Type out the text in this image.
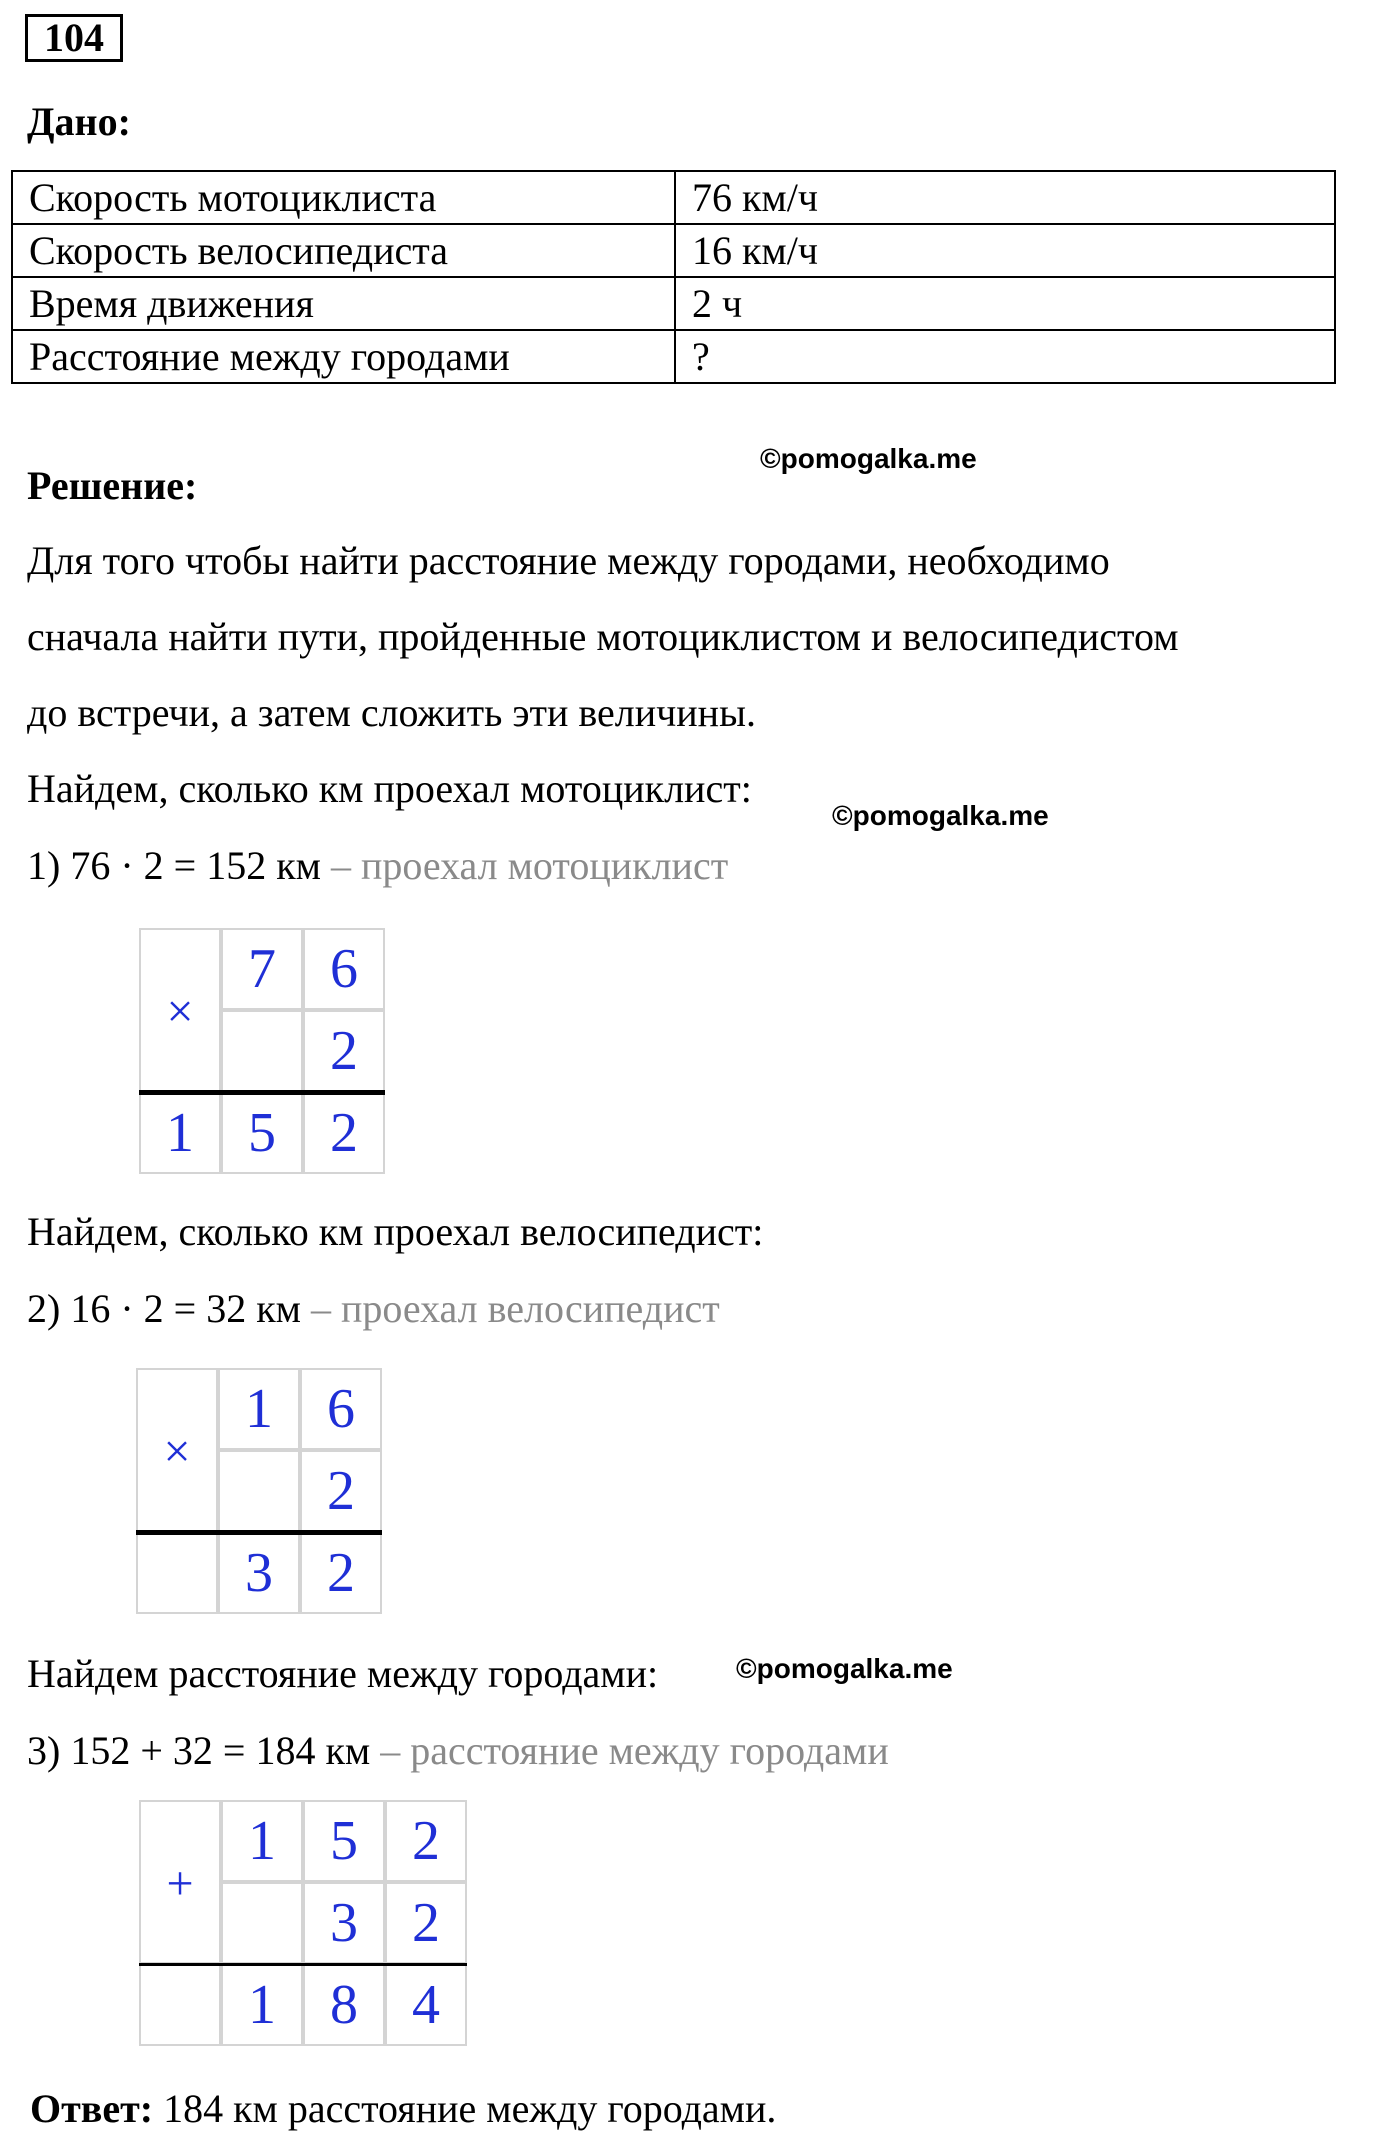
104
Дано:
Скорость мотоциклиста	76 км/ч
Скорость велосипедиста	16 км/ч
Время движения	2 ч
Расстояние между городами	?
Решение:
©pomogalka.me
Для того чтобы найти расстояние между городами, необходимо
сначала найти пути, пройденные мотоциклистом и велосипедистом
до встречи, а затем сложить эти величины.
Найдем, сколько км проехал мотоциклист:
©pomogalka.me
1) 76 · 2 = 152 км – проехал мотоциклист
×
7 6
2
1 5 2
Найдем, сколько км проехал велосипедист:
2) 16 · 2 = 32 км – проехал велосипедист
×
1 6
2
3 2
Найдем расстояние между городами:	©pomogalka.me
3) 152 + 32 = 184 км – расстояние между городами
+
1 5 2
3 2
1 8 4
Ответ: 184 км расстояние между городами.
